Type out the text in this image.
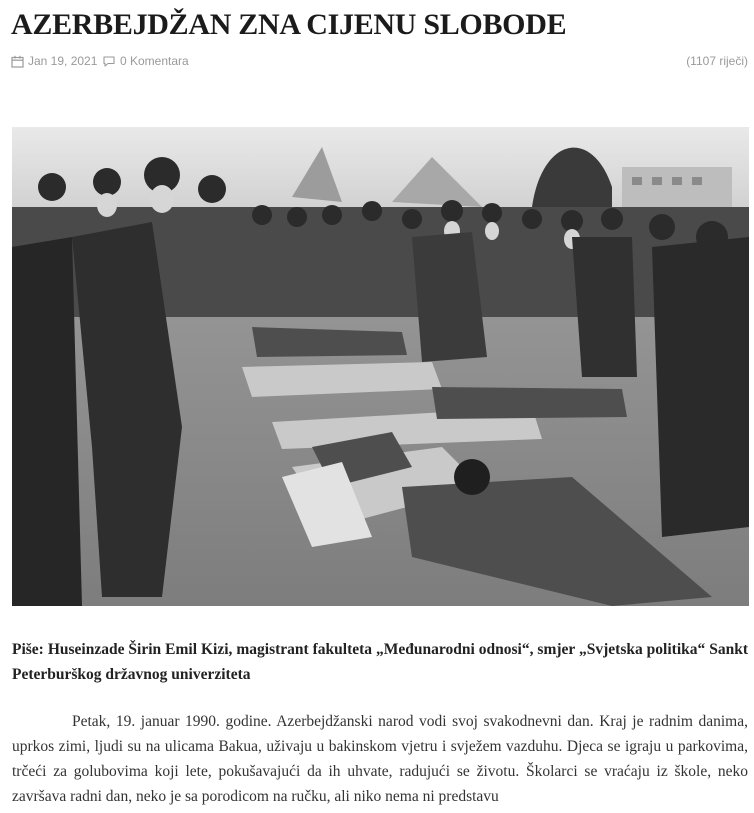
AZERBEJDŽAN ZNA CIJENU SLOBODE
Jan 19, 2021 0 Komentara	(1107 riječi)

Piše: Huseinzade Širin Emil Kizi, magistrant fakulteta „Međunarodni odnosi“, smjer „Svjetska politika“ Sankt Peterburškog državnog univerziteta

Petak, 19. januar 1990. godine. Azerbejdžanski narod vodi svoj svakodnevni dan. Kraj je radnim danima, uprkos zimi, ljudi su na ulicama Bakua, uživaju u bakinskom vjetru i svježem vazduhu. Djeca se igraju u parkovima, trčeći za golubovima koji lete, pokušavajući da ih uhvate, radujući se životu. Školarci se vraćaju iz škole, neko završava radni dan, neko je sa porodicom na ručku, ali niko nema ni predstavu
